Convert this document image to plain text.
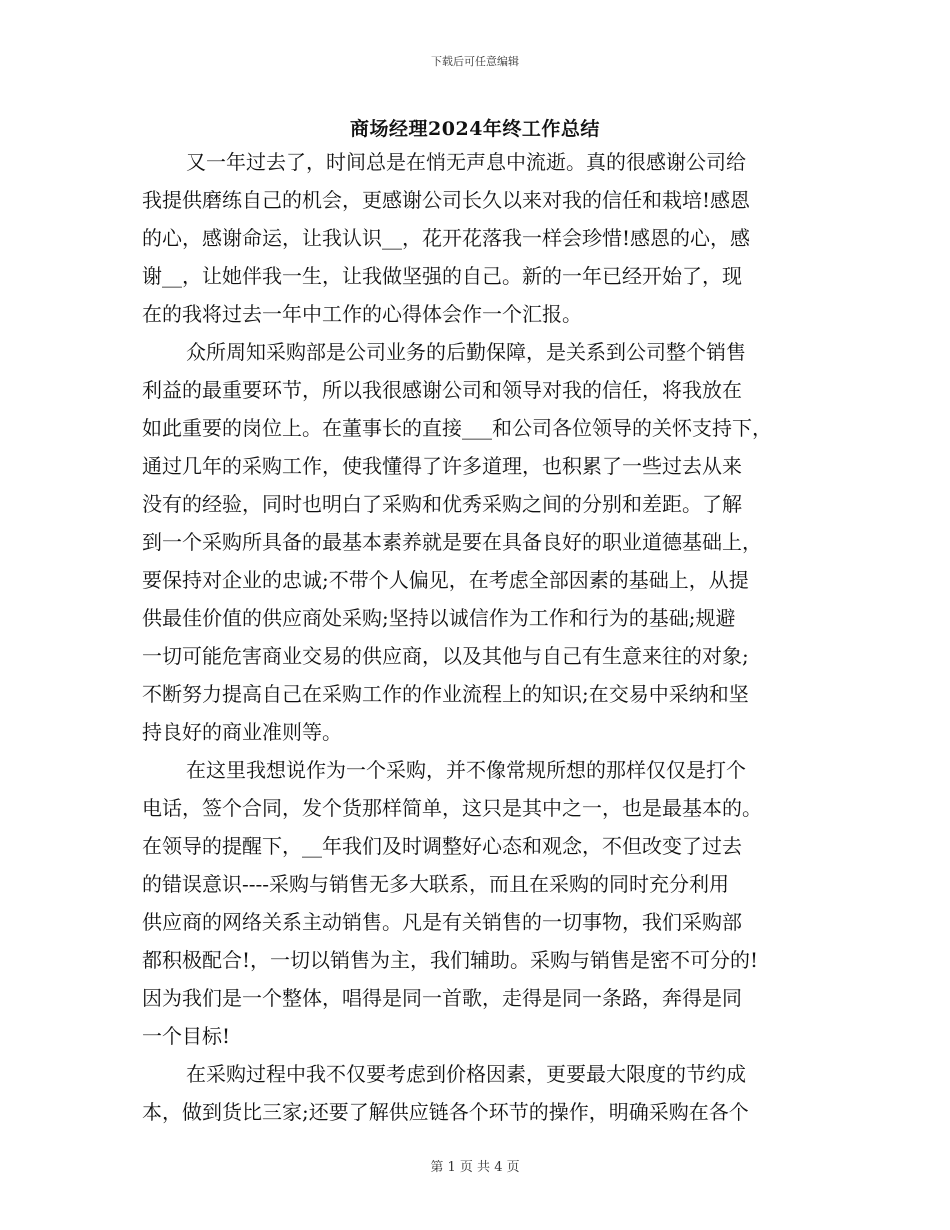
下载后可任意编辑
商场经理2024年终工作总结
又一年过去了，时间总是在悄无声息中流逝。真的很感谢公司给
我提供磨练自己的机会，更感谢公司长久以来对我的信任和栽培!感恩
的心，感谢命运，让我认识__，花开花落我一样会珍惜!感恩的心，感
谢__，让她伴我一生，让我做坚强的自己。新的一年已经开始了，现
在的我将过去一年中工作的心得体会作一个汇报。
众所周知采购部是公司业务的后勤保障，是关系到公司整个销售
利益的最重要环节，所以我很感谢公司和领导对我的信任，将我放在
如此重要的岗位上。在董事长的直接___和公司各位领导的关怀支持下，
通过几年的采购工作，使我懂得了许多道理，也积累了一些过去从来
没有的经验，同时也明白了采购和优秀采购之间的分别和差距。了解
到一个采购所具备的最基本素养就是要在具备良好的职业道德基础上，
要保持对企业的忠诚;不带个人偏见，在考虑全部因素的基础上，从提
供最佳价值的供应商处采购;坚持以诚信作为工作和行为的基础;规避
一切可能危害商业交易的供应商，以及其他与自己有生意来往的对象;
不断努力提高自己在采购工作的作业流程上的知识;在交易中采纳和坚
持良好的商业准则等。
在这里我想说作为一个采购，并不像常规所想的那样仅仅是打个
电话，签个合同，发个货那样简单，这只是其中之一，也是最基本的。
在领导的提醒下，__年我们及时调整好心态和观念，不但改变了过去
的错误意识----采购与销售无多大联系，而且在采购的同时充分利用
供应商的网络关系主动销售。凡是有关销售的一切事物，我们采购部
都积极配合!，一切以销售为主，我们辅助。采购与销售是密不可分的!
因为我们是一个整体，唱得是同一首歌，走得是同一条路，奔得是同
一个目标!
在采购过程中我不仅要考虑到价格因素，更要最大限度的节约成
本，做到货比三家;还要了解供应链各个环节的操作，明确采购在各个
第 1 页 共 4 页
